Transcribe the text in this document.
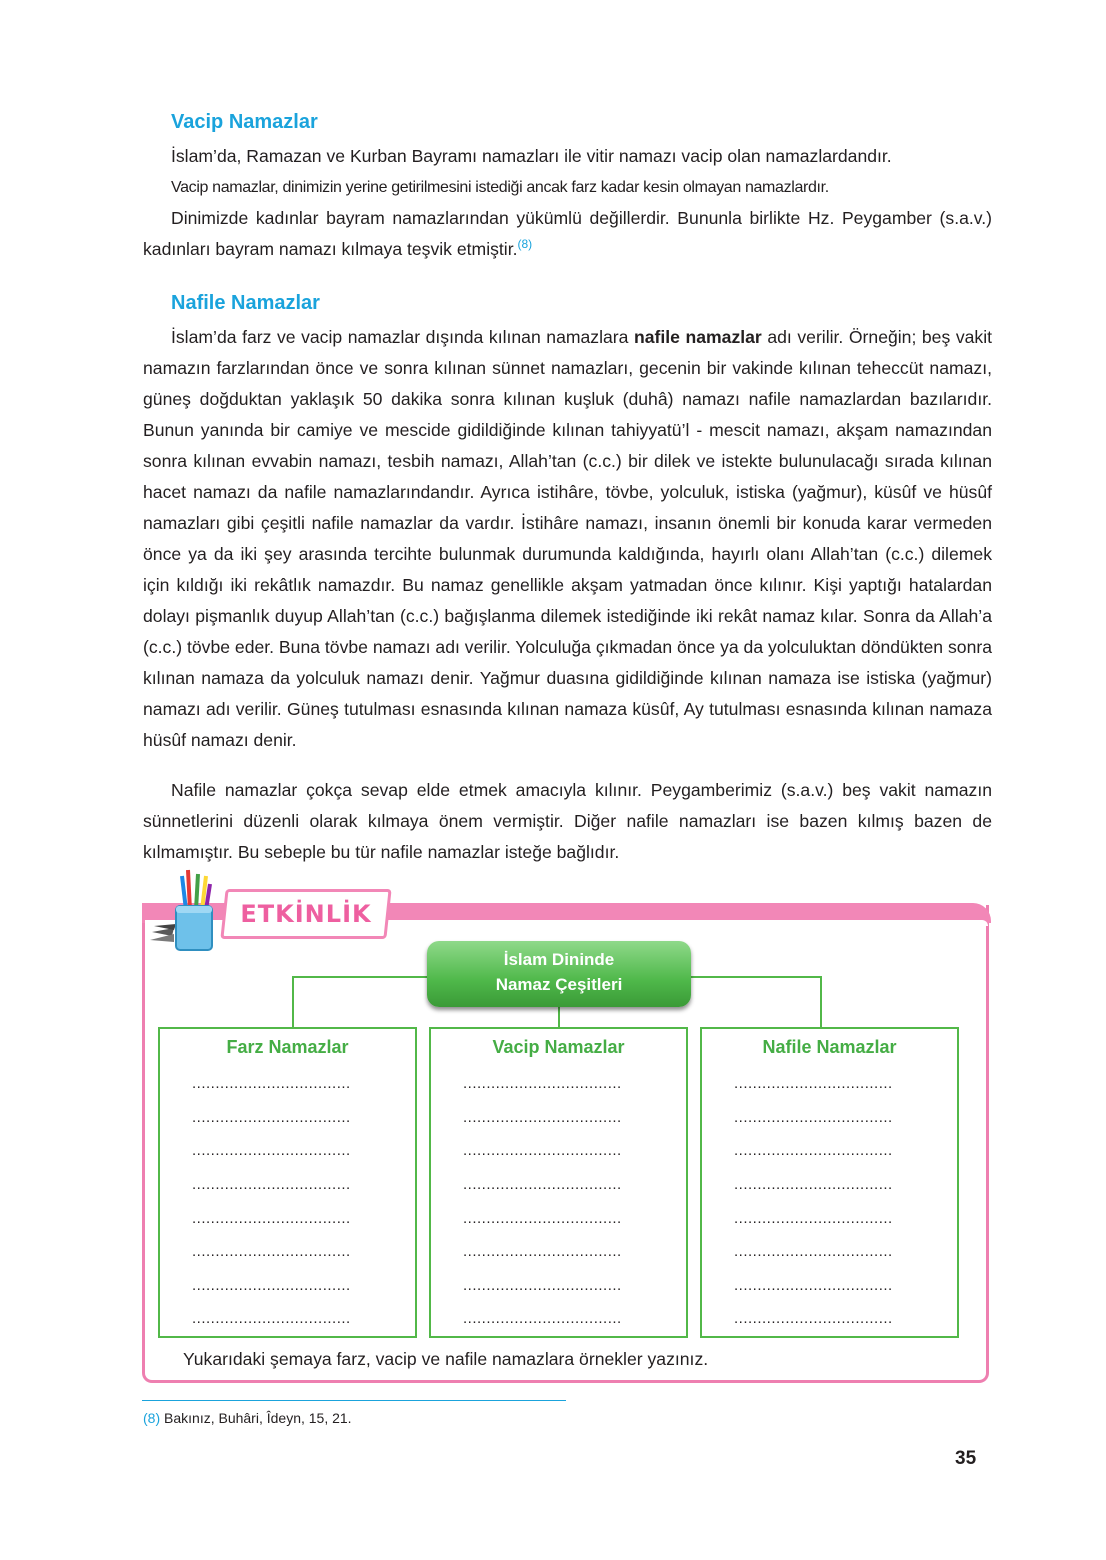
Vacip Namazlar

İslam’da, Ramazan ve Kurban Bayramı namazları ile vitir namazı vacip olan namazlardandır.

Vacip namazlar, dinimizin yerine getirilmesini istediği ancak farz kadar kesin olmayan namazlardır.

Dinimizde kadınlar bayram namazlarından yükümlü değillerdir. Bununla birlikte Hz. Peygamber (s.a.v.) kadınları bayram namazı kılmaya teşvik etmiştir.$^{(8)}$

Nafile Namazlar

İslam’da farz ve vacip namazlar dışında kılınan namazlara nafile namazlar adı verilir. Örneğin; beş vakit namazın farzlarından önce ve sonra kılınan sünnet namazları, gecenin bir vakinde kılınan teheccüt namazı, güneş doğduktan yaklaşık 50 dakika sonra kılınan kuşluk (duhâ) namazı nafile namazlardan bazılarıdır. Bunun yanında bir camiye ve mescide gidildiğinde kılınan tahiyyatü’l - mescit namazı, akşam namazından sonra kılınan evvabin namazı, tesbih namazı, Allah’tan (c.c.) bir dilek ve istekte bulunulacağı sırada kılınan hacet namazı da nafile namazlarındandır. Ayrıca istihâre, tövbe, yolculuk, istiska (yağmur), küsûf ve hüsûf namazları gibi çeşitli nafile namazlar da vardır. İstihâre namazı, insanın önemli bir konuda karar vermeden önce ya da iki şey arasında tercihte bulunmak durumunda kaldığında, hayırlı olanı Allah’tan (c.c.) dilemek için kıldığı iki rekâtlık namazdır. Bu namaz genellikle akşam yatmadan önce kılınır. Kişi yaptığı hatalardan dolayı pişmanlık duyup Allah’tan (c.c.) bağışlanma dilemek istediğinde iki rekât namaz kılar. Sonra da Allah’a (c.c.) tövbe eder. Buna tövbe namazı adı verilir. Yolculuğa çıkmadan önce ya da yolculuktan döndükten sonra kılınan namaza da yolculuk namazı denir. Yağmur duasına gidildiğinde kılınan namaza ise istiska (yağmur) namazı adı verilir. Güneş tutulması esnasında kılınan namaza küsûf, Ay tutulması esnasında kılınan namaza hüsûf namazı denir.

Nafile namazlar çokça sevap elde etmek amacıyla kılınır. Peygamberimiz (s.a.v.) beş vakit namazın sünnetlerini düzenli olarak kılmaya önem vermiştir. Diğer nafile namazları ise bazen kılmış bazen de kılmamıştır. Bu sebeple bu tür nafile namazlar isteğe bağlıdır.

ETKİNLİK
İslam Dininde
Namaz Çeşitleri
Farz Namazlar
..................................
..................................
..................................
..................................
..................................
..................................
..................................
..................................
Vacip Namazlar
..................................
..................................
..................................
..................................
..................................
..................................
..................................
..................................
Nafile Namazlar
..................................
..................................
..................................
..................................
..................................
..................................
..................................
..................................
Yukarıdaki şemaya farz, vacip ve nafile namazlara örnekler yazınız.
(8) Bakınız, Buhâri, Îdeyn, 15, 21.
35
